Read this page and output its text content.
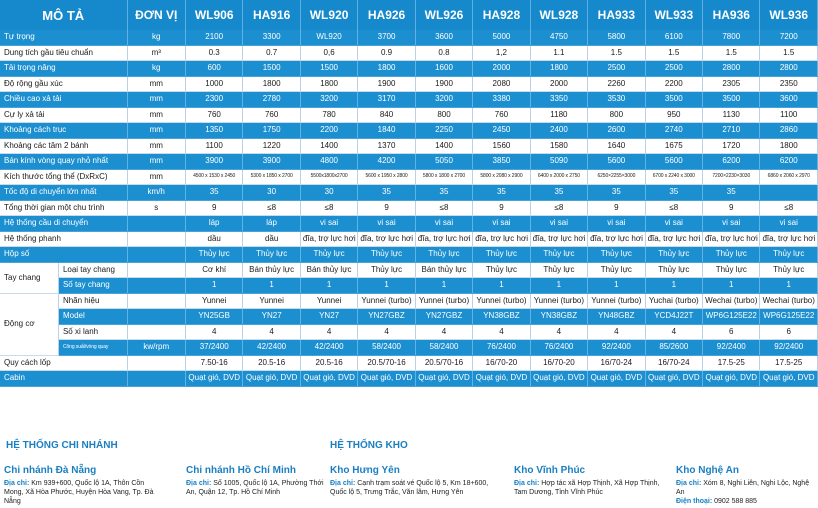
MÔ TẢ		ĐƠN VỊ	WL906	HA916	WL920	HA926	WL926	HA928	WL928	HA933	WL933	HA936	WL936
Tự trọng		kg	2100	3300	WL920	3700	3600	5000	4750	5800	6100	7800	7200
Dung tích gầu tiêu chuẩn		m³	0.3	0.7	0,6	0.9	0.8	1,2	1.1	1.5	1.5	1.5	1.5
Tải trọng nâng		kg	600	1500	1500	1800	1600	2000	1800	2500	2500	2800	2800
Độ rộng gầu xúc		mm	1000	1800	1800	1900	1900	2080	2000	2260	2200	2305	2350
Chiều cao xả tải		mm	2300	2780	3200	3170	3200	3380	3350	3530	3500	3500	3600
Cự ly xả tải		mm	760	760	780	840	800	760	1180	800	950	1130	1100
Khoảng cách trục		mm	1350	1750	2200	1840	2250	2450	2400	2600	2740	2710	2860
Khoảng các tâm 2 bánh		mm	1100	1220	1400	1370	1400	1560	1580	1640	1675	1720	1800
Bán kính vòng quay nhỏ nhất		mm	3900	3900	4800	4200	5050	3850	5090	5600	5600	6200	6200
Kích thước tổng thể (DxRxC)		mm	4500 x 1530 x 2450	5300 x 1850 x 2700	5500x1800x2700	5600 x 1950 x 2800	5800 x 1800 x 2700	5800 x 2080 x 2900	6400 x 2000 x 2750	6250×2255×3000	6700 x 2240 x 3000	7200×2230×3030	6860 x 2060 x 2970
Tốc độ di chuyển lớn nhất		km/h	35	30	30	35	35	35	35	35	35	35	
Tổng thời gian một chu trình		s	9	≤8	≤8	9	≤8	9	≤8	9	≤8	9	≤8
Hệ thống cầu di chuyển			láp	láp	vi sai	vi sai	vi sai	vi sai	vi sai	vi sai	vi sai	vi sai	vi sai
Hệ thống phanh			dầu	dầu	đĩa, trợ lực hơi	đĩa, trợ lực hơi	đĩa, trợ lực hơi	đĩa, trợ lực hơi	đĩa, trợ lực hơi	đĩa, trợ lực hơi	đĩa, trợ lực hơi	đĩa, trợ lực hơi	đĩa, trợ lực hơi
Hộp số			Thủy lực	Thủy lực	Thủy lực	Thủy lực	Thủy lực	Thủy lực	Thủy lực	Thủy lực	Thủy lực	Thủy lực	Thủy lực
Tay chang	Loại tay chang		Cơ khí	Bán thủy lực	Bán thủy lực	Thủy lực	Bán thủy lực	Thủy lực	Thủy lực	Thủy lực	Thủy lực	Thủy lực	Thủy lực
	Số tay chang		1	1	1	1	1	1	1	1	1	1	1
Động cơ	Nhãn hiệu		Yunnei	Yunnei	Yunnei	Yunnei (turbo)	Yunnei (turbo)	Yunnei (turbo)	Yunnei (turbo)	Yunnei (turbo)	Yuchai (turbo)	Wechai (turbo)	Wechai (turbo)
	Model		YN25GB	YN27	YN27	YN27GBZ	YN27GBZ	YN38GBZ	YN38GBZ	YN48GBZ	YCD4J22T	WP6G125E22	WP6G125E22
	Số xi lanh		4	4	4	4	4	4	4	4	4	6	6
	Công suất/vòng quay	kw/rpm	37/2400	42/2400	42/2400	58/2400	58/2400	76/2400	76/2400	92/2400	85/2600	92/2400	92/2400
Quy cách lốp			7.50-16	20.5-16	20.5-16	20.5/70-16	20.5/70-16	16/70-20	16/70-20	16/70-24	16/70-24	17.5-25	17.5-25
Cabin			Quạt gió, DVD	Quạt gió, DVD	Quạt gió, DVD	Quạt gió, DVD	Quạt gió, DVD	Quạt gió, DVD	Quạt gió, DVD	Quạt gió, DVD	Quạt gió, DVD	Quạt gió, DVD	Quạt gió, DVD
HỆ THỐNG CHI NHÁNH	HỆ THỐNG KHO
Chi nhánh Đà Nẵng
Địa chỉ: Km 939+600, Quốc lộ 1A, Thôn Cồn Mong, Xã Hòa Phước, Huyện Hòa Vang, Tp. Đà Nẵng
Chi nhánh Hồ Chí Minh
Địa chỉ: Số 1005, Quốc lộ 1A, Phường Thới An, Quận 12, Tp. Hồ Chí Minh
Kho Hưng Yên
Địa chỉ: Cạnh trạm soát vé Quốc lộ 5, Km 18+600, Quốc lộ 5, Trưng Trắc, Văn lâm, Hưng Yên
Kho Vĩnh Phúc
Địa chỉ: Hợp tác xã Hợp Thịnh, Xã Hợp Thịnh, Tam Dương, Tỉnh Vĩnh Phúc
Kho Nghệ An
Địa chỉ: Xóm 8, Nghi Liên, Nghi Lộc, Nghệ An
Điện thoại: 0902 588 885
